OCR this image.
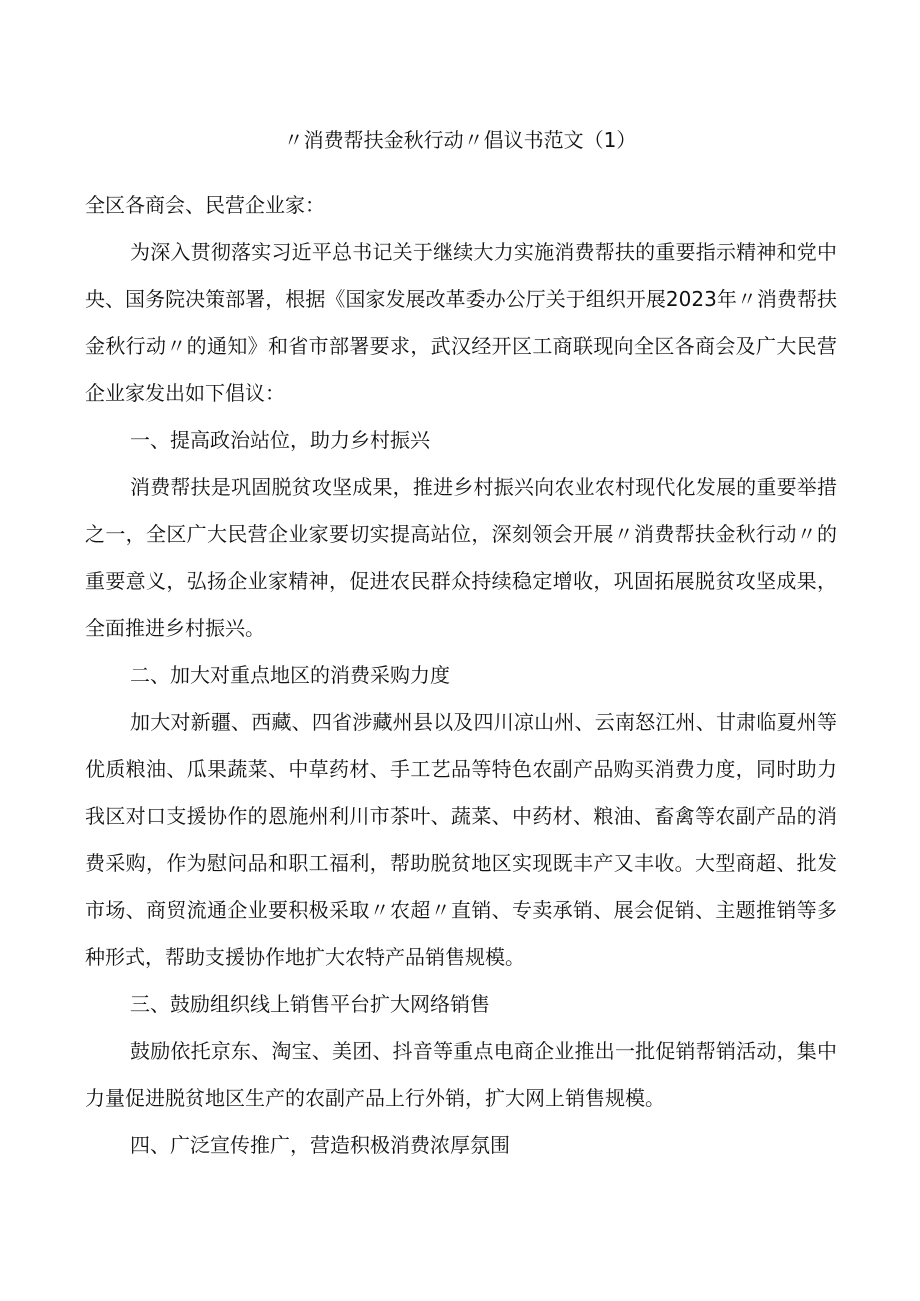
〃消费帮扶金秋行动〃倡议书范文（1）

全区各商会、民营企业家：

为深入贯彻落实习近平总书记关于继续大力实施消费帮扶的重要指示精神和党中央、国务院决策部署，根据《国家发展改革委办公厅关于组织开展2023年〃消费帮扶金秋行动〃的通知》和省市部署要求，武汉经开区工商联现向全区各商会及广大民营企业家发出如下倡议：

一、提高政治站位，助力乡村振兴

消费帮扶是巩固脱贫攻坚成果，推进乡村振兴向农业农村现代化发展的重要举措之一，全区广大民营企业家要切实提高站位，深刻领会开展〃消费帮扶金秋行动〃的重要意义，弘扬企业家精神，促进农民群众持续稳定增收，巩固拓展脱贫攻坚成果，全面推进乡村振兴。

二、加大对重点地区的消费采购力度

加大对新疆、西藏、四省涉藏州县以及四川凉山州、云南怒江州、甘肃临夏州等优质粮油、瓜果蔬菜、中草药材、手工艺品等特色农副产品购买消费力度，同时助力我区对口支援协作的恩施州利川市茶叶、蔬菜、中药材、粮油、畜禽等农副产品的消费采购，作为慰问品和职工福利，帮助脱贫地区实现既丰产又丰收。大型商超、批发市场、商贸流通企业要积极采取〃农超〃直销、专卖承销、展会促销、主题推销等多种形式，帮助支援协作地扩大农特产品销售规模。

三、鼓励组织线上销售平台扩大网络销售

鼓励依托京东、淘宝、美团、抖音等重点电商企业推出一批促销帮销活动，集中力量促进脱贫地区生产的农副产品上行外销，扩大网上销售规模。

四、广泛宣传推广，营造积极消费浓厚氛围
